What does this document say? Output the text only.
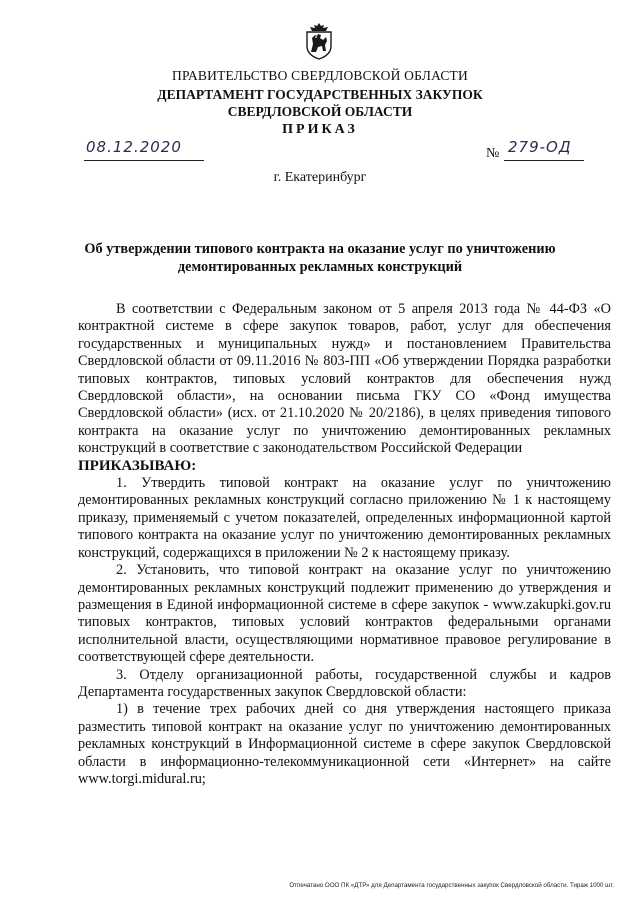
ПРАВИТЕЛЬСТВО СВЕРДЛОВСКОЙ ОБЛАСТИ
ДЕПАРТАМЕНТ ГОСУДАРСТВЕННЫХ ЗАКУПОК
СВЕРДЛОВСКОЙ ОБЛАСТИ
ПРИКАЗ
08.12.2020	№ 279-ОД
г. Екатеринбург
Об утверждении типового контракта на оказание услуг по уничтожению демонтированных рекламных конструкций

В соответствии с Федеральным законом от 5 апреля 2013 года № 44-ФЗ «О контрактной системе в сфере закупок товаров, работ, услуг для обеспечения государственных и муниципальных нужд» и постановлением Правительства Свердловской области от 09.11.2016 № 803-ПП «Об утверждении Порядка разработки типовых контрактов, типовых условий контрактов для обеспечения нужд Свердловской области», на основании письма ГКУ СО «Фонд имущества Свердловской области» (исх. от 21.10.2020 № 20/2186), в целях приведения типового контракта на оказание услуг по уничтожению демонтированных рекламных конструкций в соответствие с законодательством Российской Федерации

ПРИКАЗЫВАЮ:

1. Утвердить типовой контракт на оказание услуг по уничтожению демонтированных рекламных конструкций согласно приложению № 1 к настоящему приказу, применяемый с учетом показателей, определенных информационной картой типового контракта на оказание услуг по уничтожению демонтированных рекламных конструкций, содержащихся в приложении № 2 к настоящему приказу.

2. Установить, что типовой контракт на оказание услуг по уничтожению демонтированных рекламных конструкций подлежит применению до утверждения и размещения в Единой информационной системе в сфере закупок - www.zakupki.gov.ru типовых контрактов, типовых условий контрактов федеральными органами исполнительной власти, осуществляющими нормативное правовое регулирование в соответствующей сфере деятельности.

3. Отделу организационной работы, государственной службы и кадров Департамента государственных закупок Свердловской области:

1) в течение трех рабочих дней со дня утверждения настоящего приказа разместить типовой контракт на оказание услуг по уничтожению демонтированных рекламных конструкций в Информационной системе в сфере закупок Свердловской области в информационно-телекоммуникационной сети «Интернет» на сайте www.torgi.midural.ru;

Отпечатано ООО ПК «ДТР» для Департамента государственных закупок Свердловской области. Тираж 1000 шт.
